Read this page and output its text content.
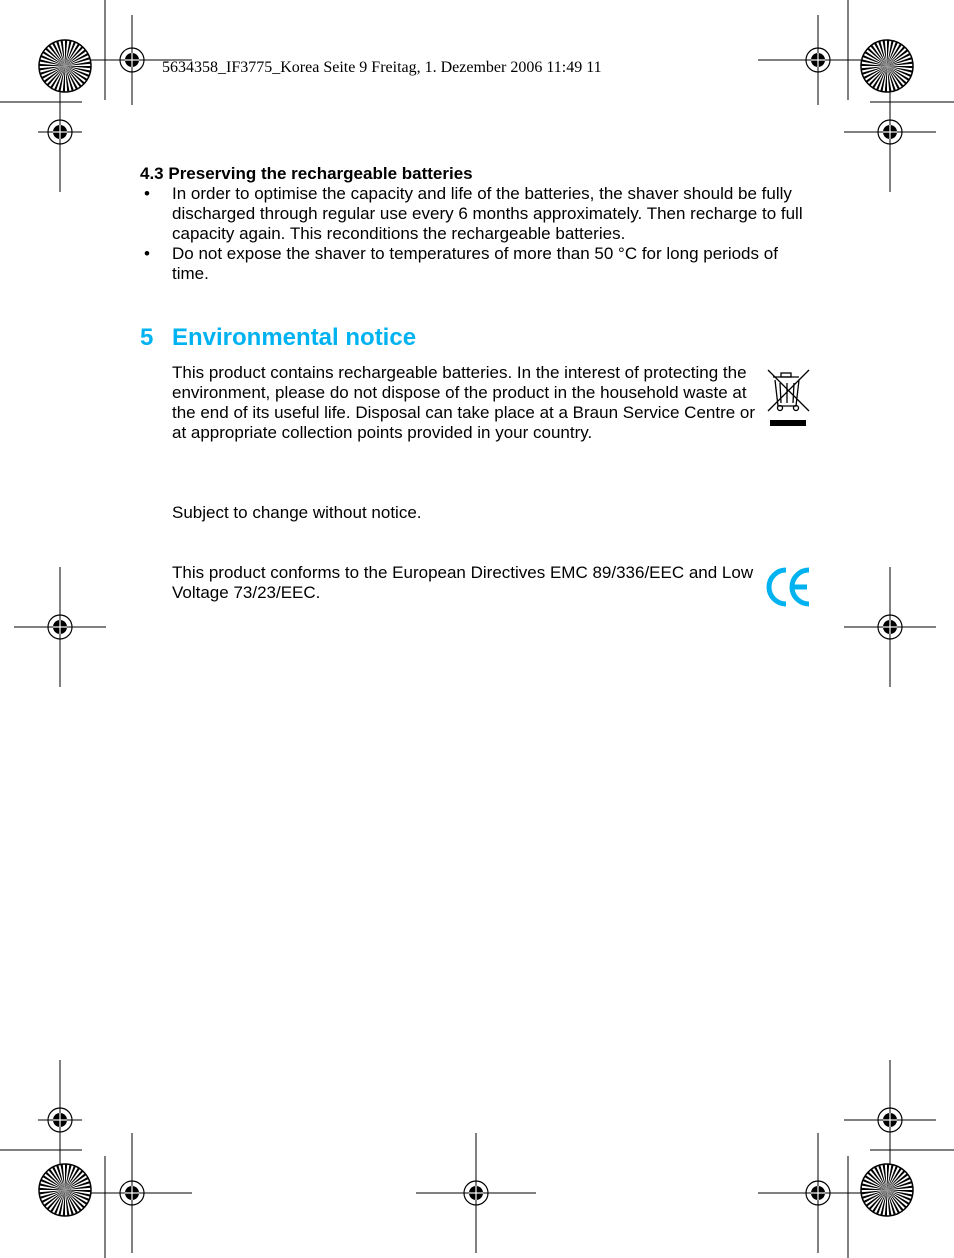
5634358_IF3775_Korea Seite 9 Freitag, 1. Dezember 2006 11:49 11
4.3 Preserving the rechargeable batteries
• In order to optimise the capacity and life of the batteries, the shaver should be fully discharged through regular use every 6 months approximately. Then recharge to full capacity again. This reconditions the rechargeable batteries.
• Do not expose the shaver to temperatures of more than 50 °C for long periods of time.
5 Environmental notice
This product contains rechargeable batteries. In the interest of protecting the environment, please do not dispose of the product in the household waste at the end of its useful life. Disposal can take place at a Braun Service Centre or at appropriate collection points provided in your country.
Subject to change without notice.
This product conforms to the European Directives EMC 89/336/EEC and Low Voltage 73/23/EEC.
